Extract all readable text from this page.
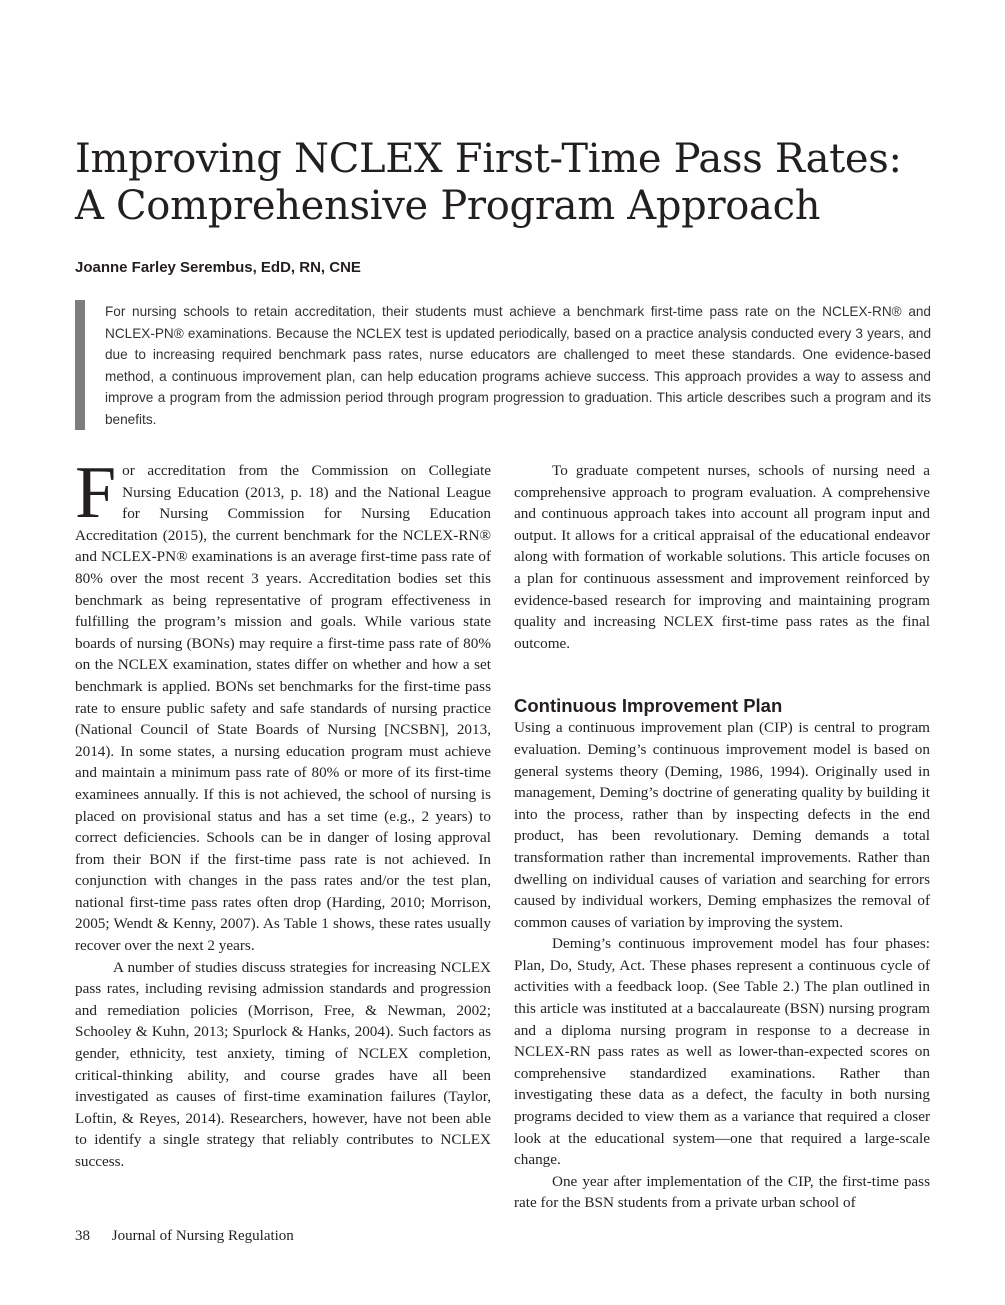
Improving NCLEX First-Time Pass Rates:
A Comprehensive Program Approach

Joanne Farley Serembus, EdD, RN, CNE

For nursing schools to retain accreditation, their students must achieve a benchmark first-time pass rate on the NCLEX-RN® and NCLEX-PN® examinations. Because the NCLEX test is updated periodically, based on a practice analysis conducted every 3 years, and due to increasing required benchmark pass rates, nurse educators are challenged to meet these standards. One evidence-based method, a continuous improvement plan, can help education programs achieve success. This approach provides a way to assess and improve a program from the admission period through program progression to graduation. This article describes such a program and its benefits.

F or accreditation from the Commission on Collegiate Nursing Education (2013, p. 18) and the National League for Nursing Commission for Nursing Education Accreditation (2015), the current benchmark for the NCLEX-RN® and NCLEX-PN® examinations is an average first-time pass rate of 80% over the most recent 3 years. Accreditation bodies set this benchmark as being representative of program effectiveness in fulfilling the program’s mission and goals. While various state boards of nursing (BONs) may require a first-time pass rate of 80% on the NCLEX examination, states differ on whether and how a set benchmark is applied. BONs set benchmarks for the first-time pass rate to ensure public safety and safe standards of nursing practice (National Council of State Boards of Nursing [NCSBN], 2013, 2014). In some states, a nursing education program must achieve and maintain a minimum pass rate of 80% or more of its first-time examinees annually. If this is not achieved, the school of nursing is placed on provisional status and has a set time (e.g., 2 years) to correct deficiencies. Schools can be in danger of losing approval from their BON if the first-time pass rate is not achieved. In conjunction with changes in the pass rates and/or the test plan, national first-time pass rates often drop (Harding, 2010; Morrison, 2005; Wendt & Kenny, 2007). As Table 1 shows, these rates usually recover over the next 2 years.

A number of studies discuss strategies for increasing NCLEX pass rates, including revising admission standards and progression and remediation policies (Morrison, Free, & Newman, 2002; Schooley & Kuhn, 2013; Spurlock & Hanks, 2004). Such factors as gender, ethnicity, test anxiety, timing of NCLEX completion, critical-thinking ability, and course grades have all been investigated as causes of first-time examination failures (Taylor, Loftin, & Reyes, 2014). Researchers, however, have not been able to identify a single strategy that reliably contributes to NCLEX success.

To graduate competent nurses, schools of nursing need a comprehensive approach to program evaluation. A comprehensive and continuous approach takes into account all program input and output. It allows for a critical appraisal of the educational endeavor along with formation of workable solutions. This article focuses on a plan for continuous assessment and improvement reinforced by evidence-based research for improving and maintaining program quality and increasing NCLEX first-time pass rates as the final outcome.

Continuous Improvement Plan

Using a continuous improvement plan (CIP) is central to program evaluation. Deming’s continuous improvement model is based on general systems theory (Deming, 1986, 1994). Originally used in management, Deming’s doctrine of generating quality by building it into the process, rather than by inspecting defects in the end product, has been revolutionary. Deming demands a total transformation rather than incremental improvements. Rather than dwelling on individual causes of variation and searching for errors caused by individual workers, Deming emphasizes the removal of common causes of variation by improving the system.

Deming’s continuous improvement model has four phases: Plan, Do, Study, Act. These phases represent a continuous cycle of activities with a feedback loop. (See Table 2.) The plan outlined in this article was instituted at a baccalaureate (BSN) nursing program and a diploma nursing program in response to a decrease in NCLEX-RN pass rates as well as lower-than-expected scores on comprehensive standardized examinations. Rather than investigating these data as a defect, the faculty in both nursing programs decided to view them as a variance that required a closer look at the educational system—one that required a large-scale change.

One year after implementation of the CIP, the first-time pass rate for the BSN students from a private urban school of

38 Journal of Nursing Regulation
